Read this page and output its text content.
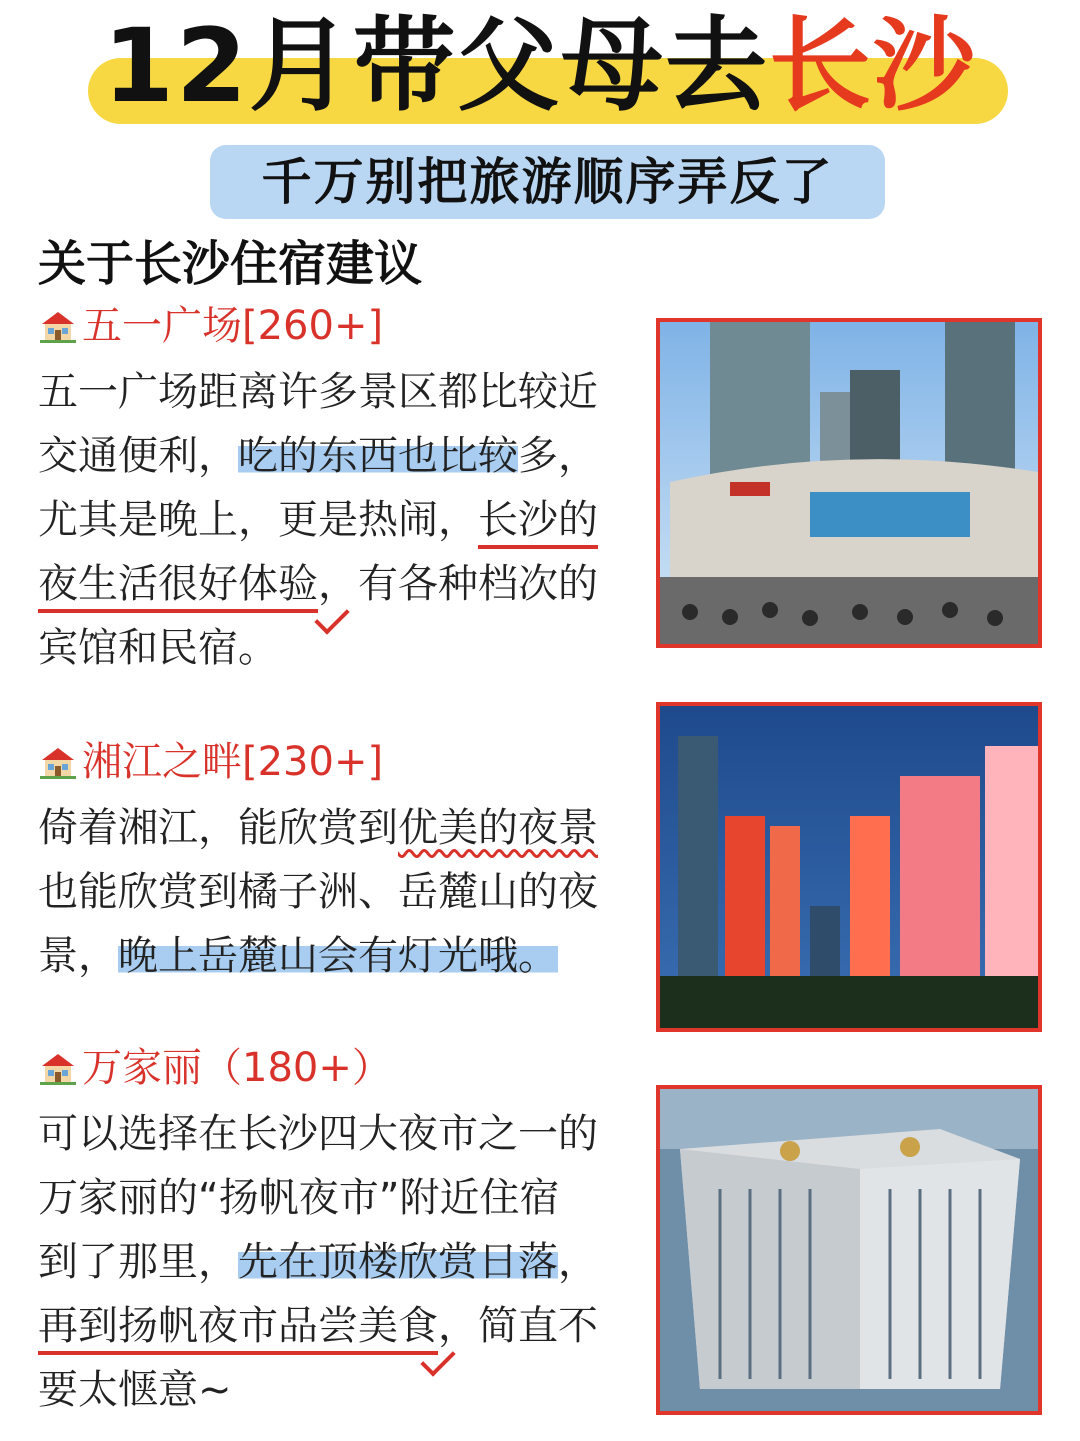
12月带父母去长沙
千万别把旅游顺序弄反了
关于长沙住宿建议
五一广场[260+]
五一广场距离许多景区都比较近
交通便利，吃的东西也比较多，
尤其是晚上，更是热闹，长沙的
夜生活很好体验，有各种档次的
宾馆和民宿。
湘江之畔[230+]
倚着湘江，能欣赏到优美的夜景
也能欣赏到橘子洲、岳麓山的夜
景，晚上岳麓山会有灯光哦。
万家丽（180+）
可以选择在长沙四大夜市之一的
万家丽的“扬帆夜市”附近住宿
到了那里，先在顶楼欣赏日落，
再到扬帆夜市品尝美食，简直不
要太惬意~
